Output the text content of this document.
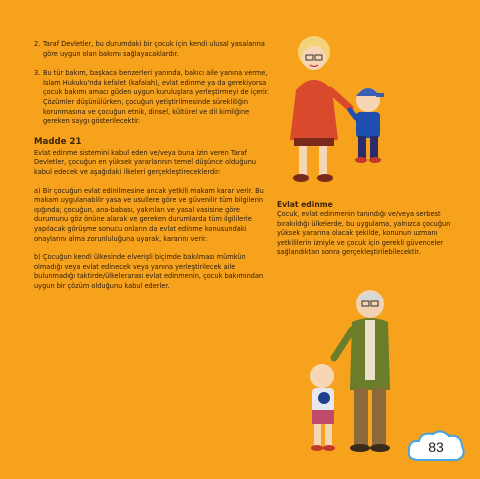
2. Taraf Devletler, bu durumdaki bir çocuk için kendi ulusal yasalarına göre uygun olan bakımı sağlayacaklardır.
3. Bu tür bakım, başkaca benzerleri yanında, bakıcı aile yanına verme, İslam Hukuku'nda kefalet (kafalah), evlat edinme ya da gerekiyorsa çocuk bakımı amacı güden uygun kuruluşlara yerleştirmeyi de içerir. Çözümler düşünülürken, çocuğun yetiştirilmesinde sürekliliğin korunmasına ve çocuğun etnik, dinsel, kültürel ve dil kimliğine gereken saygı gösterilecektir.
Madde 21

Evlat edinme sistemini kabul eden ve/veya buna izin veren Taraf Devletler, çocuğun en yüksek yararlarının temel düşünce olduğunu kabul edecek ve aşağıdaki ilkeleri gerçekleştireceklerdir:

a) Bir çocuğun evlat edinilmesine ancak yetkili makam karar verir. Bu makam uygulanabilir yasa ve usullere göre ve güvenilir tüm bilgilerin ışığında; çocuğun, ana-babası, yakınları ve yasal vasisine göre durumunu göz önüne alarak ve gereken durumlarda tüm ilgililerle yapılacak görüşme sonucu onların da evlat edinme konusundaki onaylarını alma zorunluluğuna uyarak, kararını verir.

b) Çocuğun kendi ülkesinde elverişli biçimde bakılması mümkün olmadığı veya evlat edinecek veya yanına yerleştirilecek aile bulunmadığı taktirde/ülkelerarası evlat edinmenin, çocuk bakımından uygun bir çözüm olduğunu kabul ederler.

Evlat edinme

Çocuk, evlat edinmenin tanındığı ve/veya serbest bırakıldığı ülkelerde, bu uygulama, yalnızca çocuğun yüksek yararına olacak şekilde, konunun uzmanı yetkililerin izniyle ve çocuk için gerekli güvenceler sağlandıktan sonra gerçekleştirilebilecektir.

83
